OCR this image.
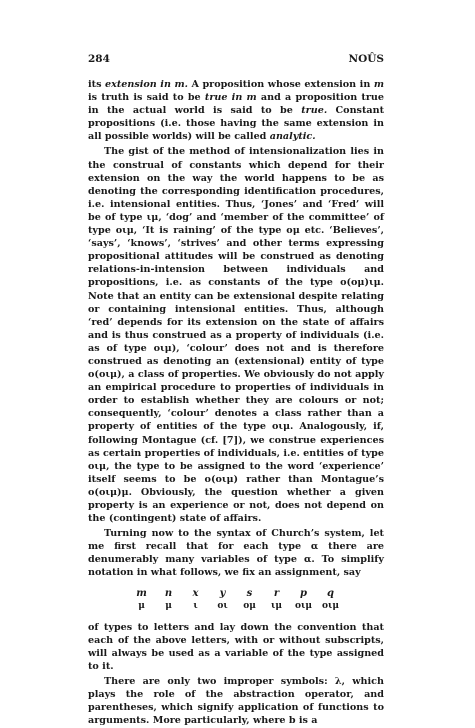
284	NOÛS

its extension in m. A proposition whose extension in m is truth is said to be true in m and a proposition true in the actual world is said to be true. Constant propositions (i.e. those having the same extension in all possible worlds) will be called analytic.

The gist of the method of intensionalization lies in the construal of constants which depend for their extension on the way the world happens to be as denoting the corresponding identification procedures, i.e. intensional entities. Thus, ‘Jones’ and ‘Fred’ will be of type ιμ, ‘dog’ and ‘member of the committee’ of type οιμ, ‘It is raining’ of the type ομ etc. ‘Believes’, ‘says’, ‘knows’, ‘strives’ and other terms expressing propositional attitudes will be construed as denoting relations-in-intension between individuals and propositions, i.e. as constants of the type ο(ομ)ιμ. Note that an entity can be extensional despite relating or containing intensional entities. Thus, although ‘red’ depends for its extension on the state of affairs and is thus construed as a property of individuals (i.e. as of type οιμ), ‘colour’ does not and is therefore construed as denoting an (extensional) entity of type ο(οιμ), a class of properties. We obviously do not apply an empirical procedure to properties of individuals in order to establish whether they are colours or not; consequently, ‘colour’ denotes a class rather than a property of entities of the type οιμ. Analogously, if, following Montague (cf. [7]), we construe experiences as certain properties of individuals, i.e. entities of type οιμ, the type to be assigned to the word ‘experience’ itself seems to be ο(οιμ) rather than Montague’s ο(οιμ)μ. Obviously, the question whether a given property is an experience or not, does not depend on the (contingent) state of affairs.

Turning now to the syntax of Church’s system, let me first recall that for each type α there are denumerably many variables of type α. To simplify notation in what follows, we fix an assignment, say

m	n	x	y	s	r	p	q
μ	μ	ι	οι	ομ	ιμ	οιμ	οιμ

of types to letters and lay down the convention that each of the above letters, with or without subscripts, will always be used as a variable of the type assigned to it.

There are only two improper symbols: λ, which plays the role of the abstraction operator, and parentheses, which signify application of functions to arguments. More particularly, where b is a
